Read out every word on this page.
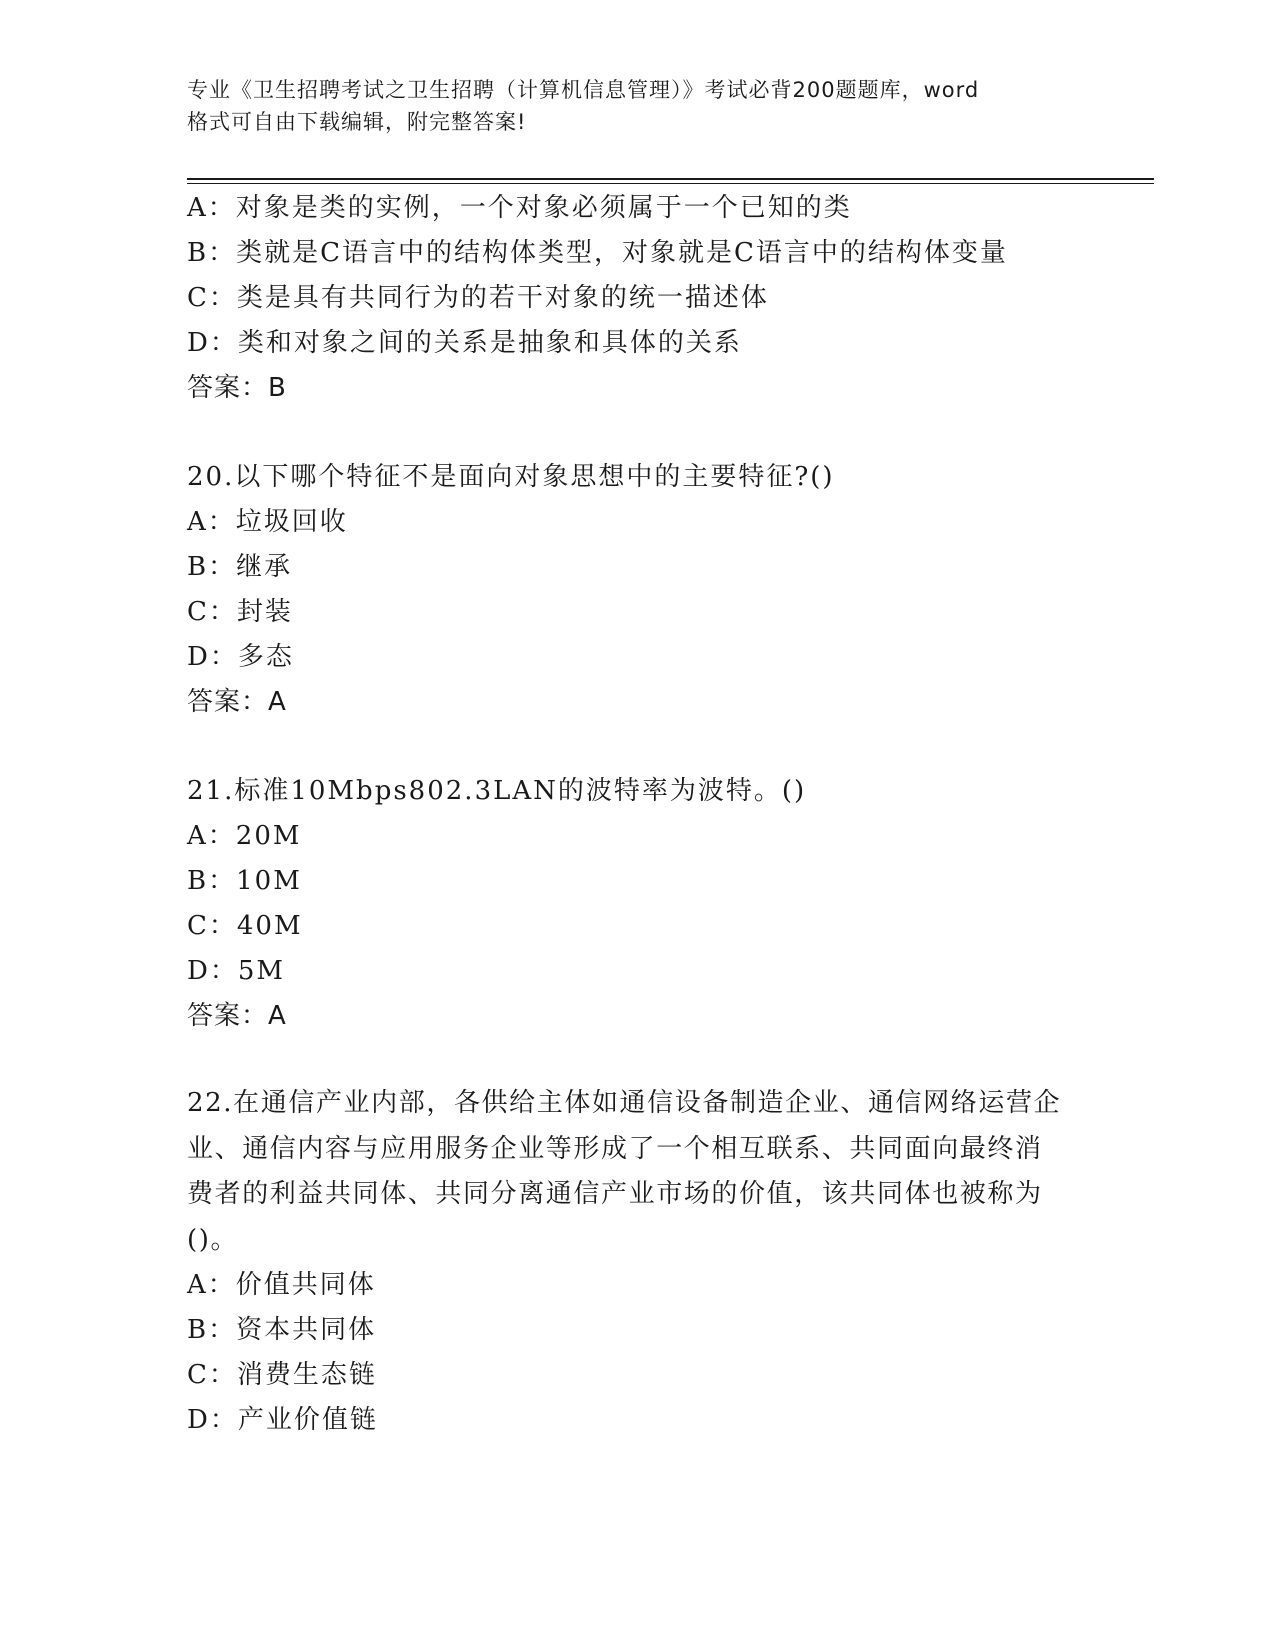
专业《卫生招聘考试之卫生招聘（计算机信息管理）》考试必背200题题库，word
格式可自由下载编辑，附完整答案!
A：对象是类的实例，一个对象必须属于一个已知的类
B：类就是C语言中的结构体类型，对象就是C语言中的结构体变量
C：类是具有共同行为的若干对象的统一描述体
D：类和对象之间的关系是抽象和具体的关系
答案：B
20.以下哪个特征不是面向对象思想中的主要特征?()
A：垃圾回收
B：继承
C：封装
D：多态
答案：A
21.标准10Mbps802.3LAN的波特率为波特。()
A：20M
B：10M
C：40M
D：5M
答案：A
22.在通信产业内部，各供给主体如通信设备制造企业、通信网络运营企业、通信内容与应用服务企业等形成了一个相互联系、共同面向最终消费者的利益共同体、共同分离通信产业市场的价值，该共同体也被称为()。
A：价值共同体
B：资本共同体
C：消费生态链
D：产业价值链
